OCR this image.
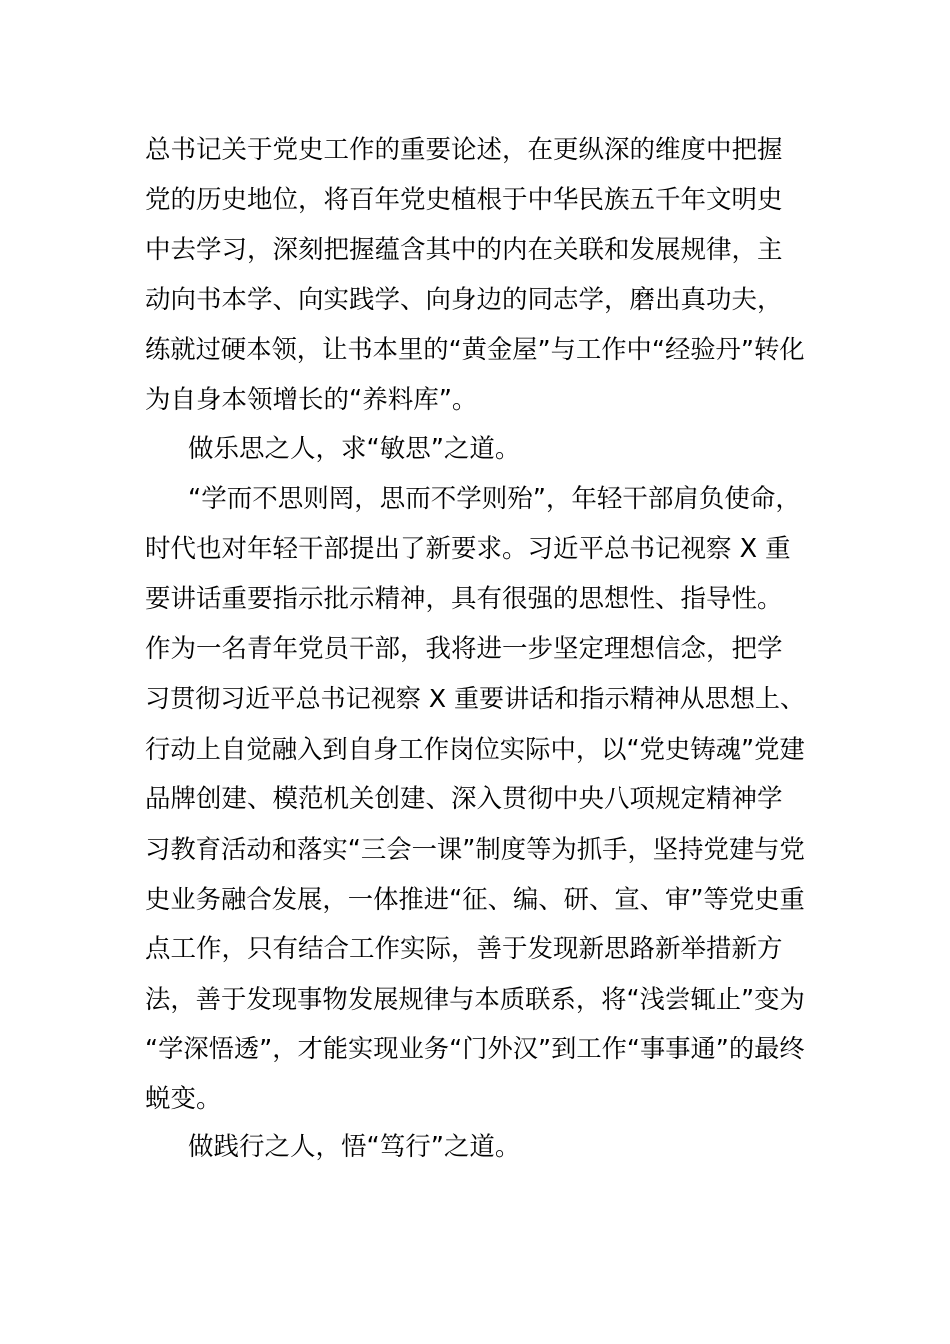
总书记关于党史工作的重要论述，在更纵深的维度中把握
党的历史地位，将百年党史植根于中华民族五千年文明史
中去学习，深刻把握蕴含其中的内在关联和发展规律，主
动向书本学、向实践学、向身边的同志学，磨出真功夫，
练就过硬本领，让书本里的“黄金屋”与工作中“经验丹”转化
为自身本领增长的“养料库”。
做乐思之人，求“敏思”之道。
“学而不思则罔，思而不学则殆”，年轻干部肩负使命，
时代也对年轻干部提出了新要求。习近平总书记视察 X 重
要讲话重要指示批示精神，具有很强的思想性、指导性。
作为一名青年党员干部，我将进一步坚定理想信念，把学
习贯彻习近平总书记视察 X 重要讲话和指示精神从思想上、
行动上自觉融入到自身工作岗位实际中，以“党史铸魂”党建
品牌创建、模范机关创建、深入贯彻中央八项规定精神学
习教育活动和落实“三会一课”制度等为抓手，坚持党建与党
史业务融合发展，一体推进“征、编、研、宣、审”等党史重
点工作，只有结合工作实际，善于发现新思路新举措新方
法，善于发现事物发展规律与本质联系，将“浅尝辄止”变为
“学深悟透”，才能实现业务“门外汉”到工作“事事通”的最终
蜕变。
做践行之人，悟“笃行”之道。
